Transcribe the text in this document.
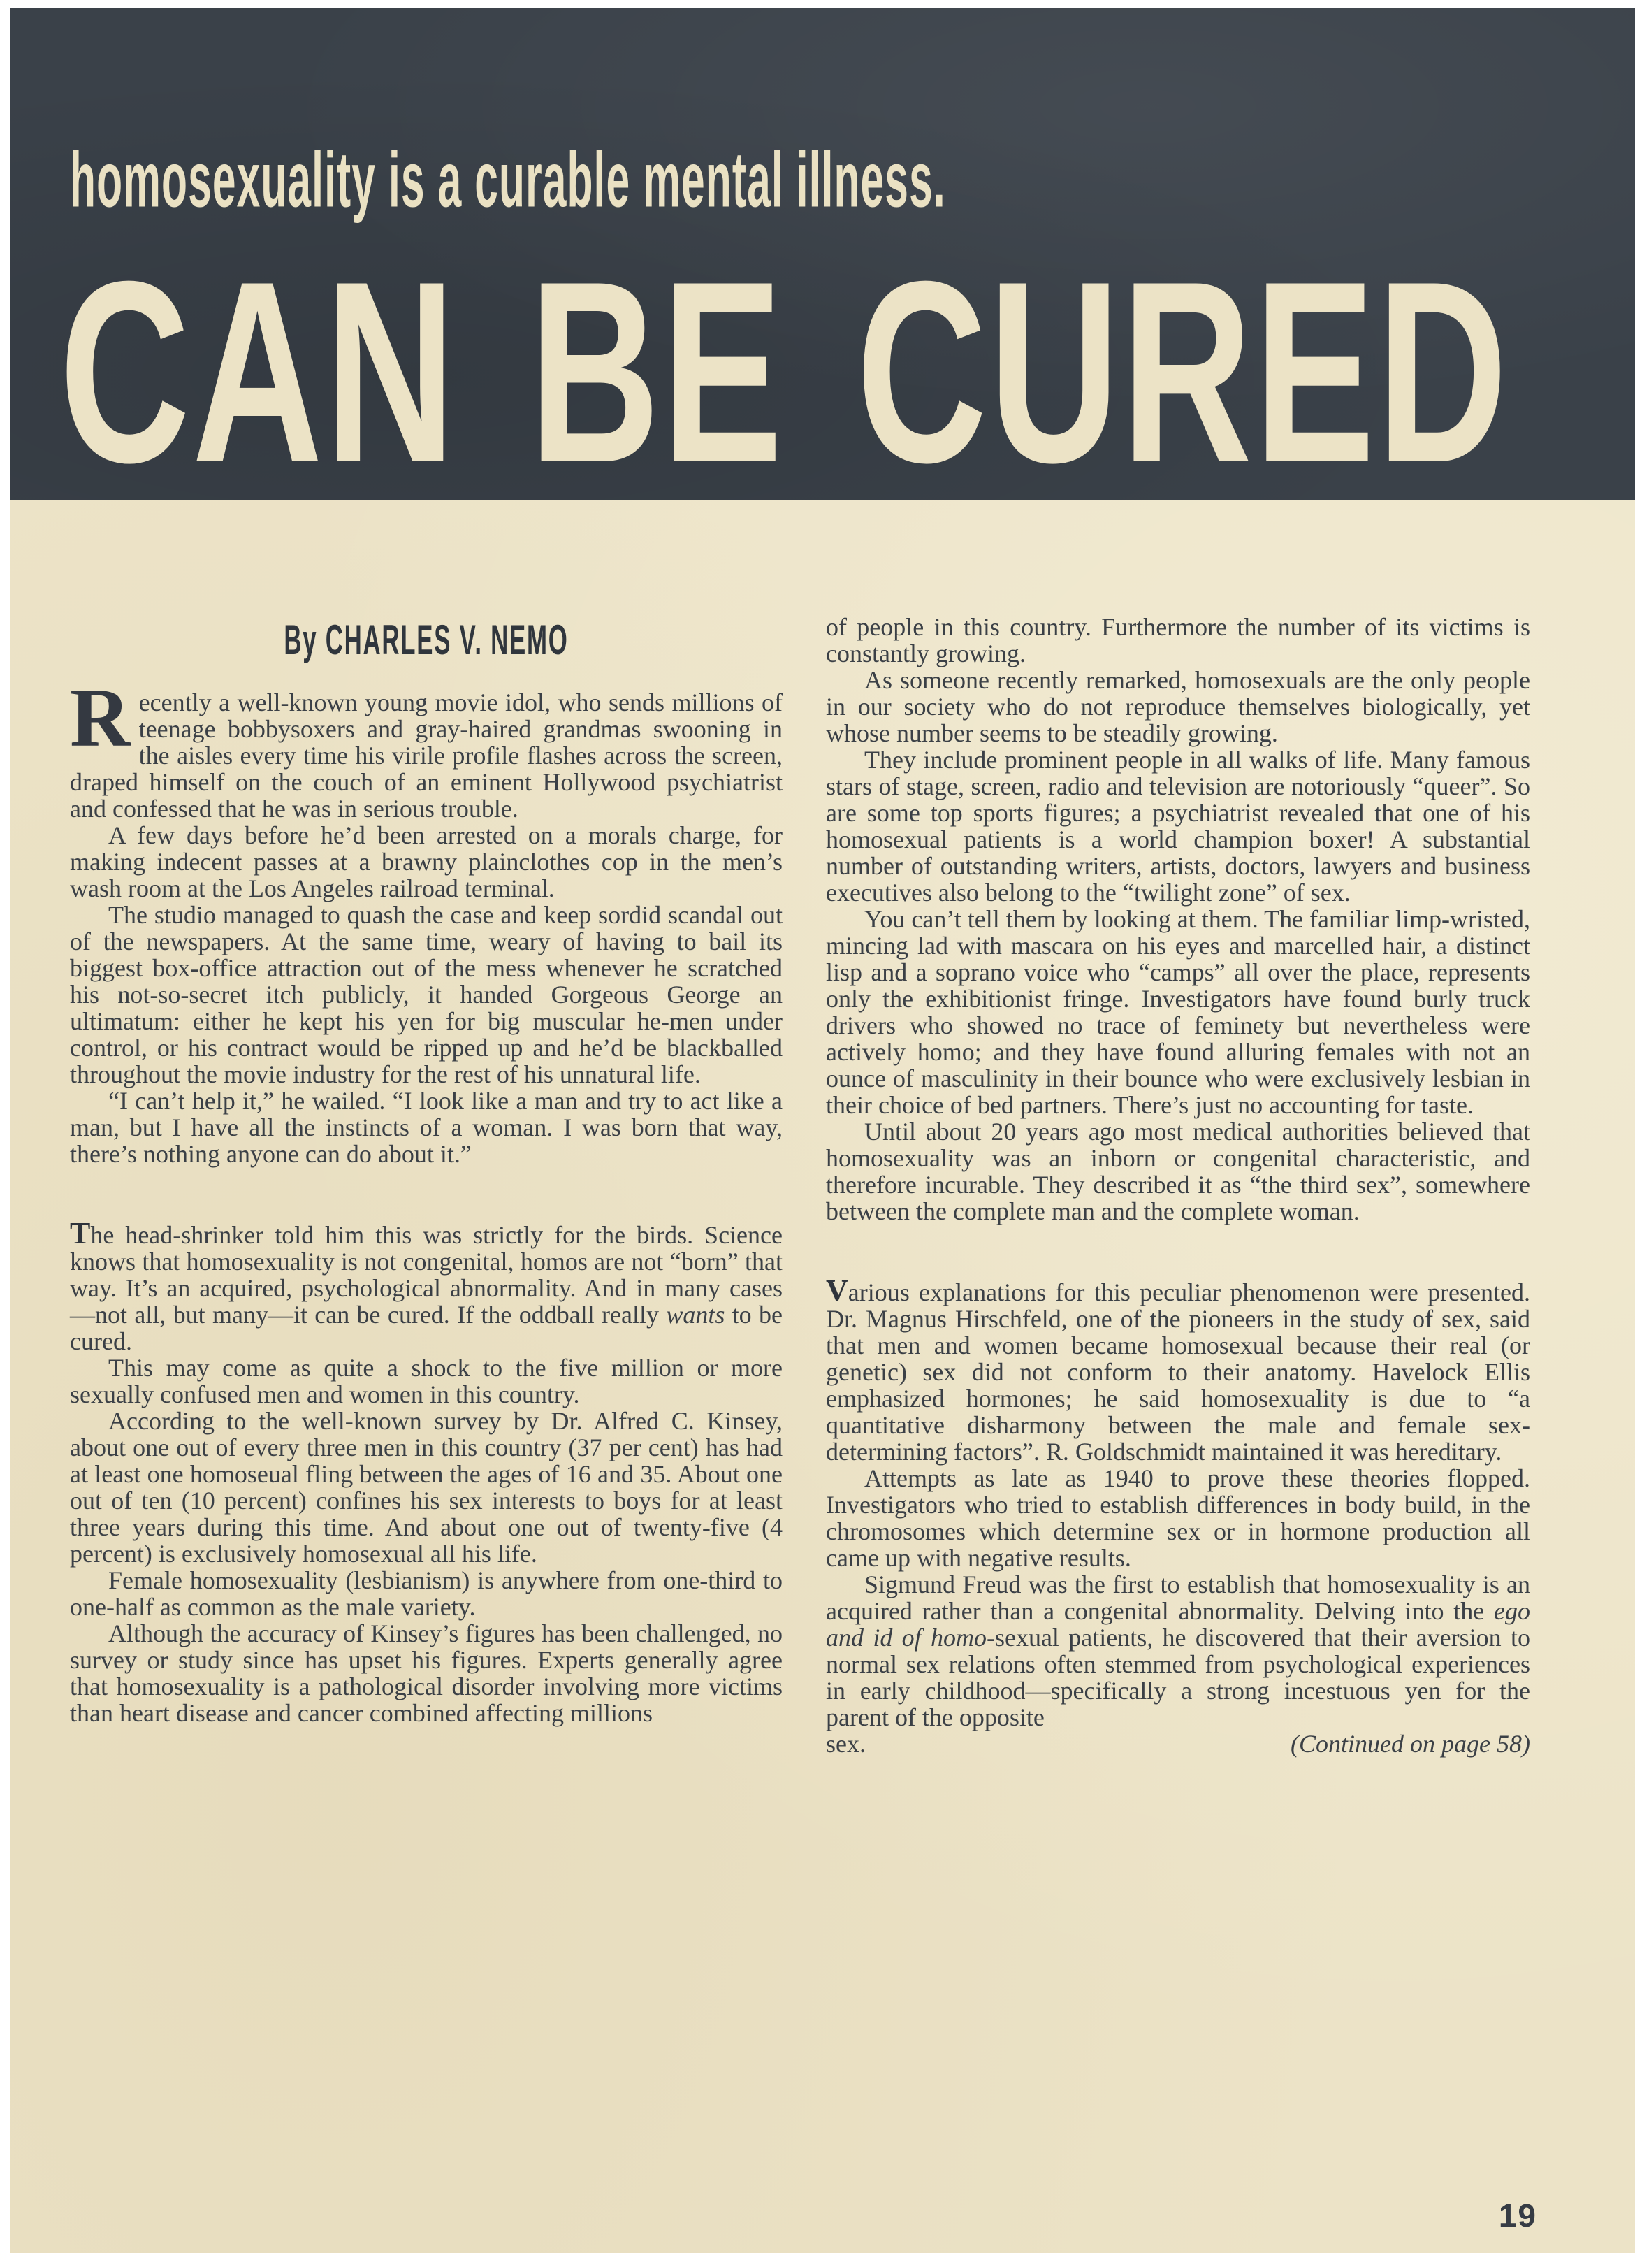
homosexuality is a curable mental illness.
CAN BE CURED
By CHARLES V. NEMO
Recently a well-known young movie idol, who sends millions of teenage bobbysoxers and gray-haired grandmas swooning in the aisles every time his virile profile flashes across the screen, draped himself on the couch of an eminent Hollywood psychiatrist and confessed that he was in serious trouble.
A few days before he’d been arrested on a morals charge, for making indecent passes at a brawny plainclothes cop in the men’s wash room at the Los Angeles railroad terminal.
The studio managed to quash the case and keep sordid scandal out of the newspapers. At the same time, weary of having to bail its biggest box-office attraction out of the mess whenever he scratched his not-so-secret itch publicly, it handed Gorgeous George an ultimatum: either he kept his yen for big muscular he-men under control, or his contract would be ripped up and he’d be blackballed throughout the movie industry for the rest of his unnatural life.
“I can’t help it,” he wailed. “I look like a man and try to act like a man, but I have all the instincts of a woman. I was born that way, there’s nothing anyone can do about it.”
The head-shrinker told him this was strictly for the birds. Science knows that homosexuality is not congenital, homos are not “born” that way. It’s an acquired, psychological abnormality. And in many cases—not all, but many—it can be cured. If the oddball really wants to be cured.
This may come as quite a shock to the five million or more sexually confused men and women in this country.
According to the well-known survey by Dr. Alfred C. Kinsey, about one out of every three men in this country (37 per cent) has had at least one homoseual fling between the ages of 16 and 35. About one out of ten (10 percent) confines his sex interests to boys for at least three years during this time. And about one out of twenty-five (4 percent) is exclusively homosexual all his life.
Female homosexuality (lesbianism) is anywhere from one-third to one-half as common as the male variety.
Although the accuracy of Kinsey’s figures has been challenged, no survey or study since has upset his figures. Experts generally agree that homosexuality is a pathological disorder involving more victims than heart disease and cancer combined affecting millions
of people in this country. Furthermore the number of its victims is constantly growing.
As someone recently remarked, homosexuals are the only people in our society who do not reproduce themselves biologically, yet whose number seems to be steadily growing.
They include prominent people in all walks of life. Many famous stars of stage, screen, radio and television are notoriously “queer”. So are some top sports figures; a psychiatrist revealed that one of his homosexual patients is a world champion boxer! A substantial number of outstanding writers, artists, doctors, lawyers and business executives also belong to the “twilight zone” of sex.
You can’t tell them by looking at them. The familiar limp-wristed, mincing lad with mascara on his eyes and marcelled hair, a distinct lisp and a soprano voice who “camps” all over the place, represents only the exhibitionist fringe. Investigators have found burly truck drivers who showed no trace of feminety but nevertheless were actively homo; and they have found alluring females with not an ounce of masculinity in their bounce who were exclusively lesbian in their choice of bed partners. There’s just no accounting for taste.
Until about 20 years ago most medical authorities believed that homosexuality was an inborn or congenital characteristic, and therefore incurable. They described it as “the third sex”, somewhere between the complete man and the complete woman.
Various explanations for this peculiar phenomenon were presented. Dr. Magnus Hirschfeld, one of the pioneers in the study of sex, said that men and women became homosexual because their real (or genetic) sex did not conform to their anatomy. Havelock Ellis emphasized hormones; he said homosexuality is due to “a quantitative disharmony between the male and female sex-determining factors”. R. Goldschmidt maintained it was hereditary.
Attempts as late as 1940 to prove these theories flopped. Investigators who tried to establish differences in body build, in the chromosomes which determine sex or in hormone production all came up with negative results.
Sigmund Freud was the first to establish that homosexuality is an acquired rather than a congenital abnormality. Delving into the ego and id of homo-sexual patients, he discovered that their aversion to normal sex relations often stemmed from psychological experiences in early childhood—specifically a strong incestuous yen for the parent of the opposite
sex.	(Continued on page 58)
19
